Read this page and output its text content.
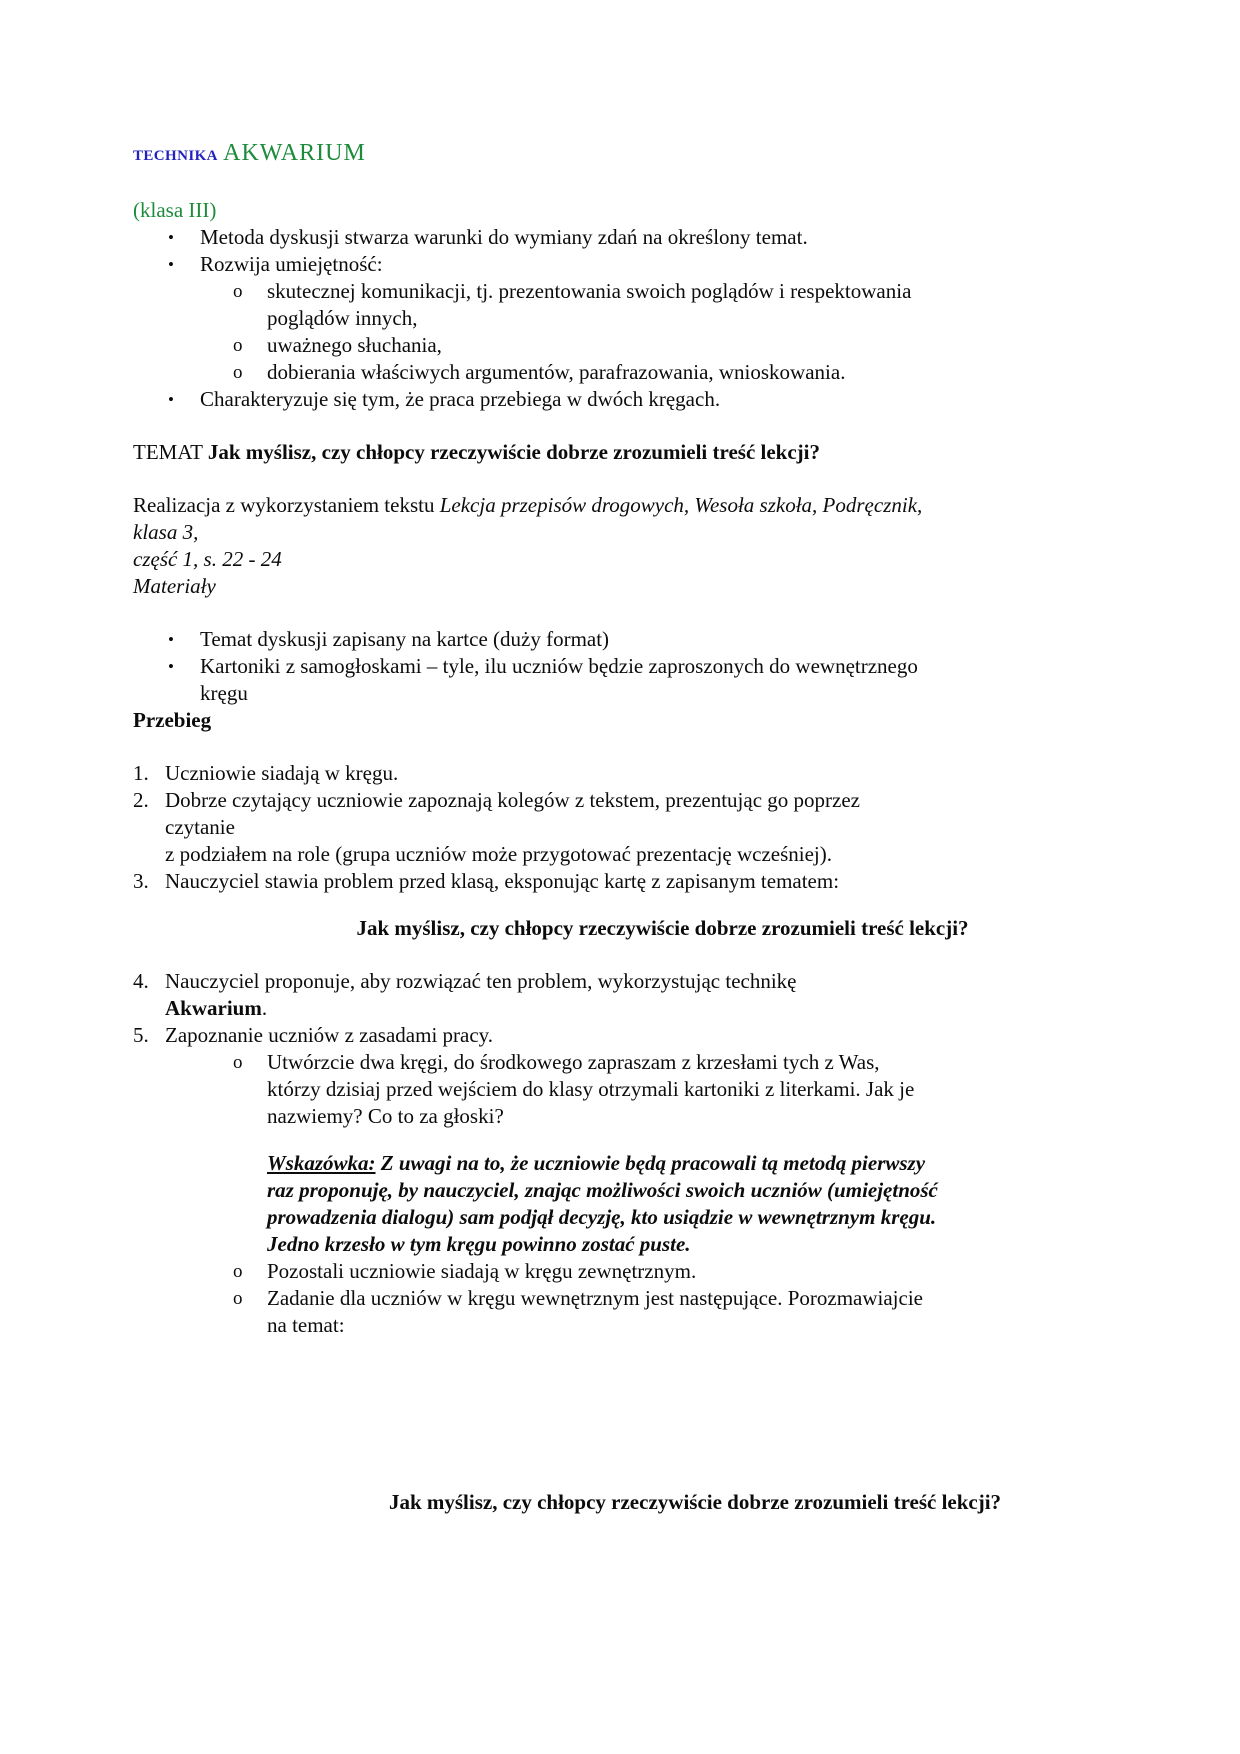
TECHNIKA AKWARIUM

(klasa III)

•	Metoda dyskusji stwarza warunki do wymiany zdań na określony temat.
•	Rozwija umiejętność:
o	skutecznej komunikacji, tj. prezentowania swoich poglądów i respektowania
poglądów innych,
o	uważnego słuchania,
o	dobierania właściwych argumentów, parafrazowania, wnioskowania.
•	Charakteryzuje się tym, że praca przebiega w dwóch kręgach.

TEMAT Jak myślisz, czy chłopcy rzeczywiście dobrze zrozumieli treść lekcji?

Realizacja z wykorzystaniem tekstu Lekcja przepisów drogowych, Wesoła szkoła, Podręcznik,
klasa 3,
część 1, s. 22 - 24

Materiały

•	Temat dyskusji zapisany na kartce (duży format)
•	Kartoniki z samogłoskami – tyle, ilu uczniów będzie zaproszonych do wewnętrznego
kręgu

Przebieg

1. Uczniowie siadają w kręgu.
2. Dobrze czytający uczniowie zapoznają kolegów z tekstem, prezentując go poprzez
czytanie
z podziałem na role (grupa uczniów może przygotować prezentację wcześniej).
3. Nauczyciel stawia problem przed klasą, eksponując kartę z zapisanym tematem:

Jak myślisz, czy chłopcy rzeczywiście dobrze zrozumieli treść lekcji?

4. Nauczyciel proponuje, aby rozwiązać ten problem, wykorzystując technikę
Akwarium.
5. Zapoznanie uczniów z zasadami pracy.
o	Utwórzcie dwa kręgi, do środkowego zapraszam z krzesłami tych z Was,
którzy dzisiaj przed wejściem do klasy otrzymali kartoniki z literkami. Jak je
nazwiemy? Co to za głoski?

Wskazówka: Z uwagi na to, że uczniowie będą pracowali tą metodą pierwszy
raz proponuję, by nauczyciel, znając możliwości swoich uczniów (umiejętność
prowadzenia dialogu) sam podjął decyzję, kto usiądzie w wewnętrznym kręgu.
Jedno krzesło w tym kręgu powinno zostać puste.

o	Pozostali uczniowie siadają w kręgu zewnętrznym.
o	Zadanie dla uczniów w kręgu wewnętrznym jest następujące. Porozmawiajcie
na temat:

Jak myślisz, czy chłopcy rzeczywiście dobrze zrozumieli treść lekcji?
